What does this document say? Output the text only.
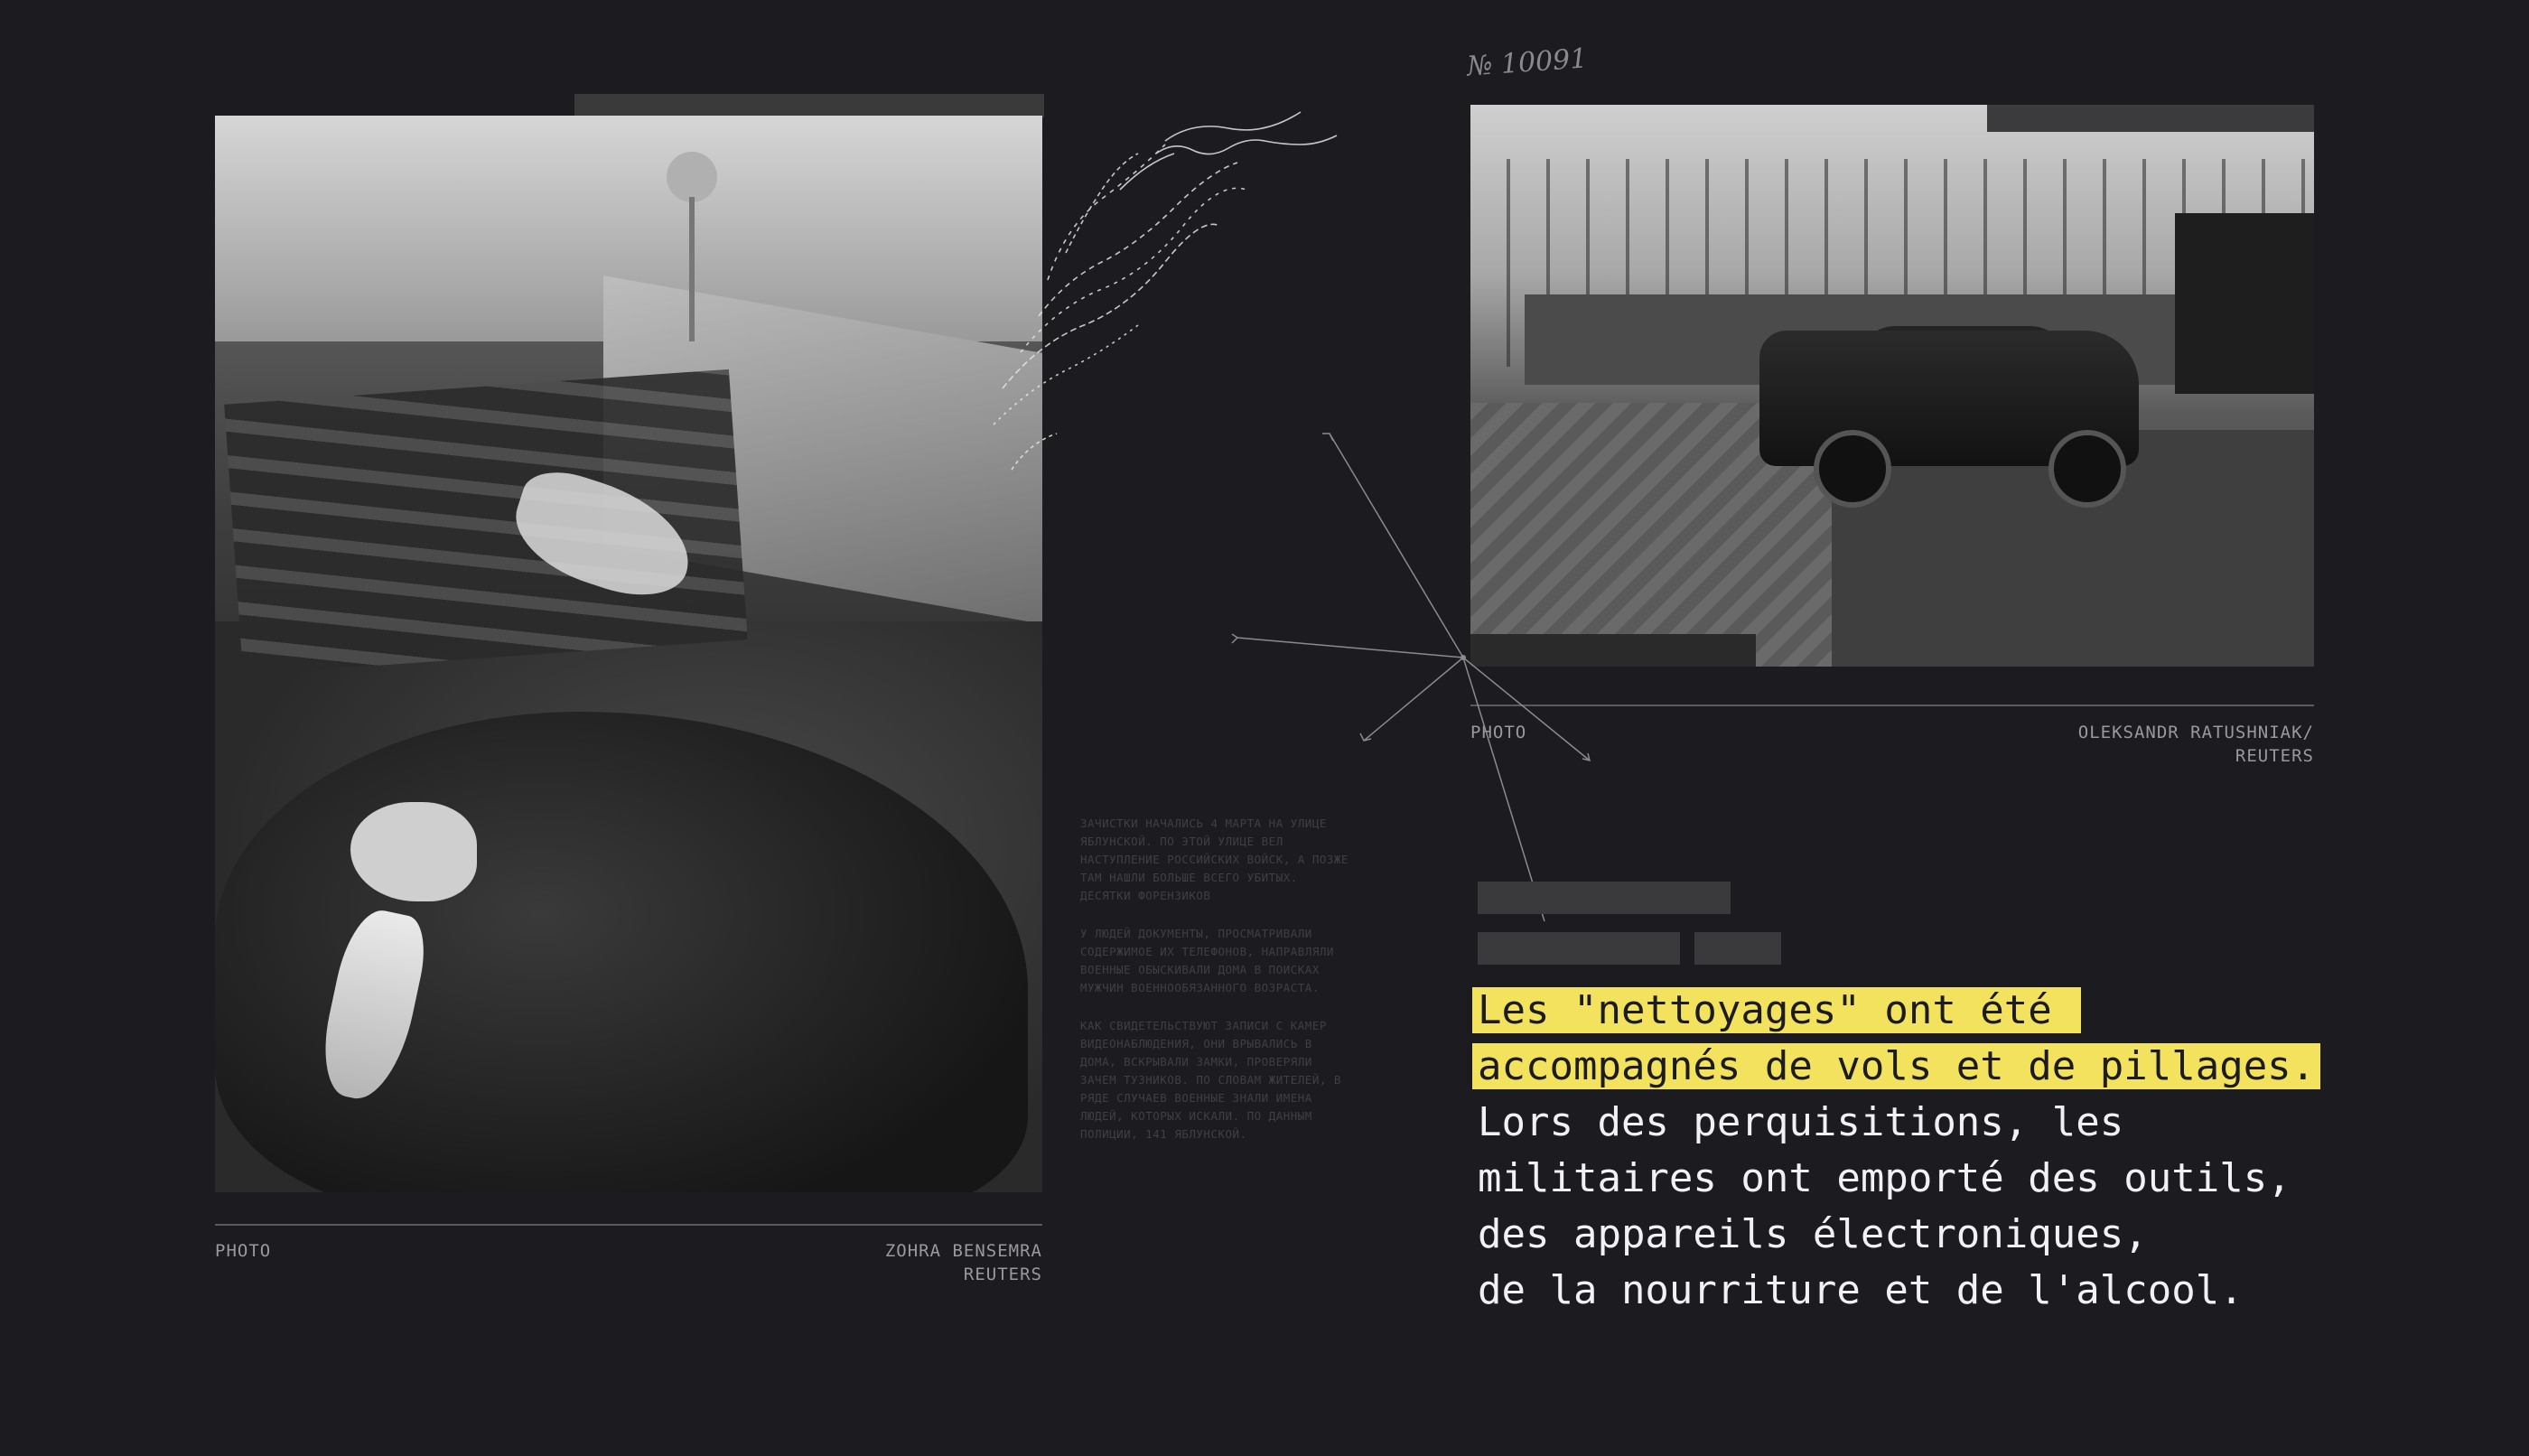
№ 10091
PHOTO	ZOHRA BENSEMRA
REUTERS
PHOTO	OLEKSANDR RATUSHNIAK/
REUTERS

ЗАЧИСТКИ НАЧАЛИСЬ 4 МАРТА НА УЛИЦЕ ЯБЛУНСКОЙ. ПО ЭТОЙ УЛИЦЕ ВЕЛ НАСТУПЛЕНИЕ РОССИЙСКИХ ВОЙСК, А ПОЗЖЕ ТАМ НАШЛИ БОЛЬШЕ ВСЕГО УБИТЫХ. ДЕСЯТКИ ФОРЕНЗИКОВ

У ЛЮДЕЙ ДОКУМЕНТЫ, ПРОСМАТРИВАЛИ СОДЕРЖИМОЕ ИХ ТЕЛЕФОНОВ, НАПРАВЛЯЛИ ВОЕННЫЕ ОБЫСКИВАЛИ ДОМА В ПОИСКАХ МУЖЧИН ВОЕННООБЯЗАННОГО ВОЗРАСТА.

КАК СВИДЕТЕЛЬСТВУЮТ ЗАПИСИ С КАМЕР ВИДЕОНАБЛЮДЕНИЯ, ОНИ ВРЫВАЛИСЬ В ДОМА, ВСКРЫВАЛИ ЗАМКИ, ПРОВЕРЯЛИ ЗАЧЕМ ТУЗНИКОВ. ПО СЛОВАМ ЖИТЕЛЕЙ, В РЯДЕ СЛУЧАЕВ ВОЕННЫЕ ЗНАЛИ ИМЕНА ЛЮДЕЙ, КОТОРЫХ ИСКАЛИ. ПО ДАННЫМ ПОЛИЦИИ, 141 ЯБЛУНСКОЙ.

Les "nettoyages" ont été
accompagnés de vols et de pillages.
Lors des perquisitions, les
militaires ont emporté des outils,
des appareils électroniques,
de la nourriture et de l'alcool.
